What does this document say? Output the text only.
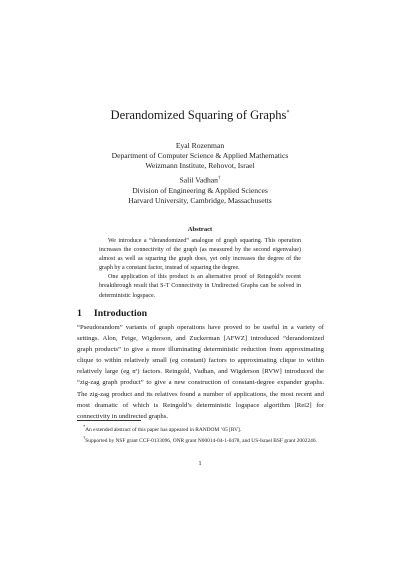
Derandomized Squaring of Graphs*
Eyal Rozenman
Department of Computer Science & Applied Mathematics
Weizmann Institute, Rehovot, Israel
Salil Vadhan†
Division of Engineering & Applied Sciences
Harvard University, Cambridge, Massachusetts
Abstract

We introduce a “derandomized” analogue of graph squaring. This operation increases the connectivity of the graph (as measured by the second eigenvalue) almost as well as squaring the graph does, yet only increases the degree of the graph by a constant factor, instead of squaring the degree.

One application of this product is an alternative proof of Reingold’s recent breakthrough result that S-T Connectivity in Undirected Graphs can be solved in deterministic logspace.

1 Introduction

“Pseudorandom” variants of graph operations have proved to be useful in a variety of settings. Alon, Feige, Wigderson, and Zuckerman [AFWZ] introduced “derandomized graph products” to give a more illuminating deterministic reduction from approximating clique to within relatively small (eg constant) factors to approximating clique to within relatively large (eg nᵋ) factors. Reingold, Vadhan, and Wigderson [RVW] introduced the “zig-zag graph product” to give a new construction of constant-degree expander graphs. The zig-zag product and its relatives found a number of applications, the most recent and most dramatic of which is Reingold’s deterministic logspace algorithm [Rei2] for connectivity in undirected graphs.

*An extended abstract of this paper has appeared in RANDOM ’05 [RV].

†Supported by NSF grant CCF-0133096, ONR grant N00014-04-1-0478, and US-Israel BSF grant 2002246.

1
